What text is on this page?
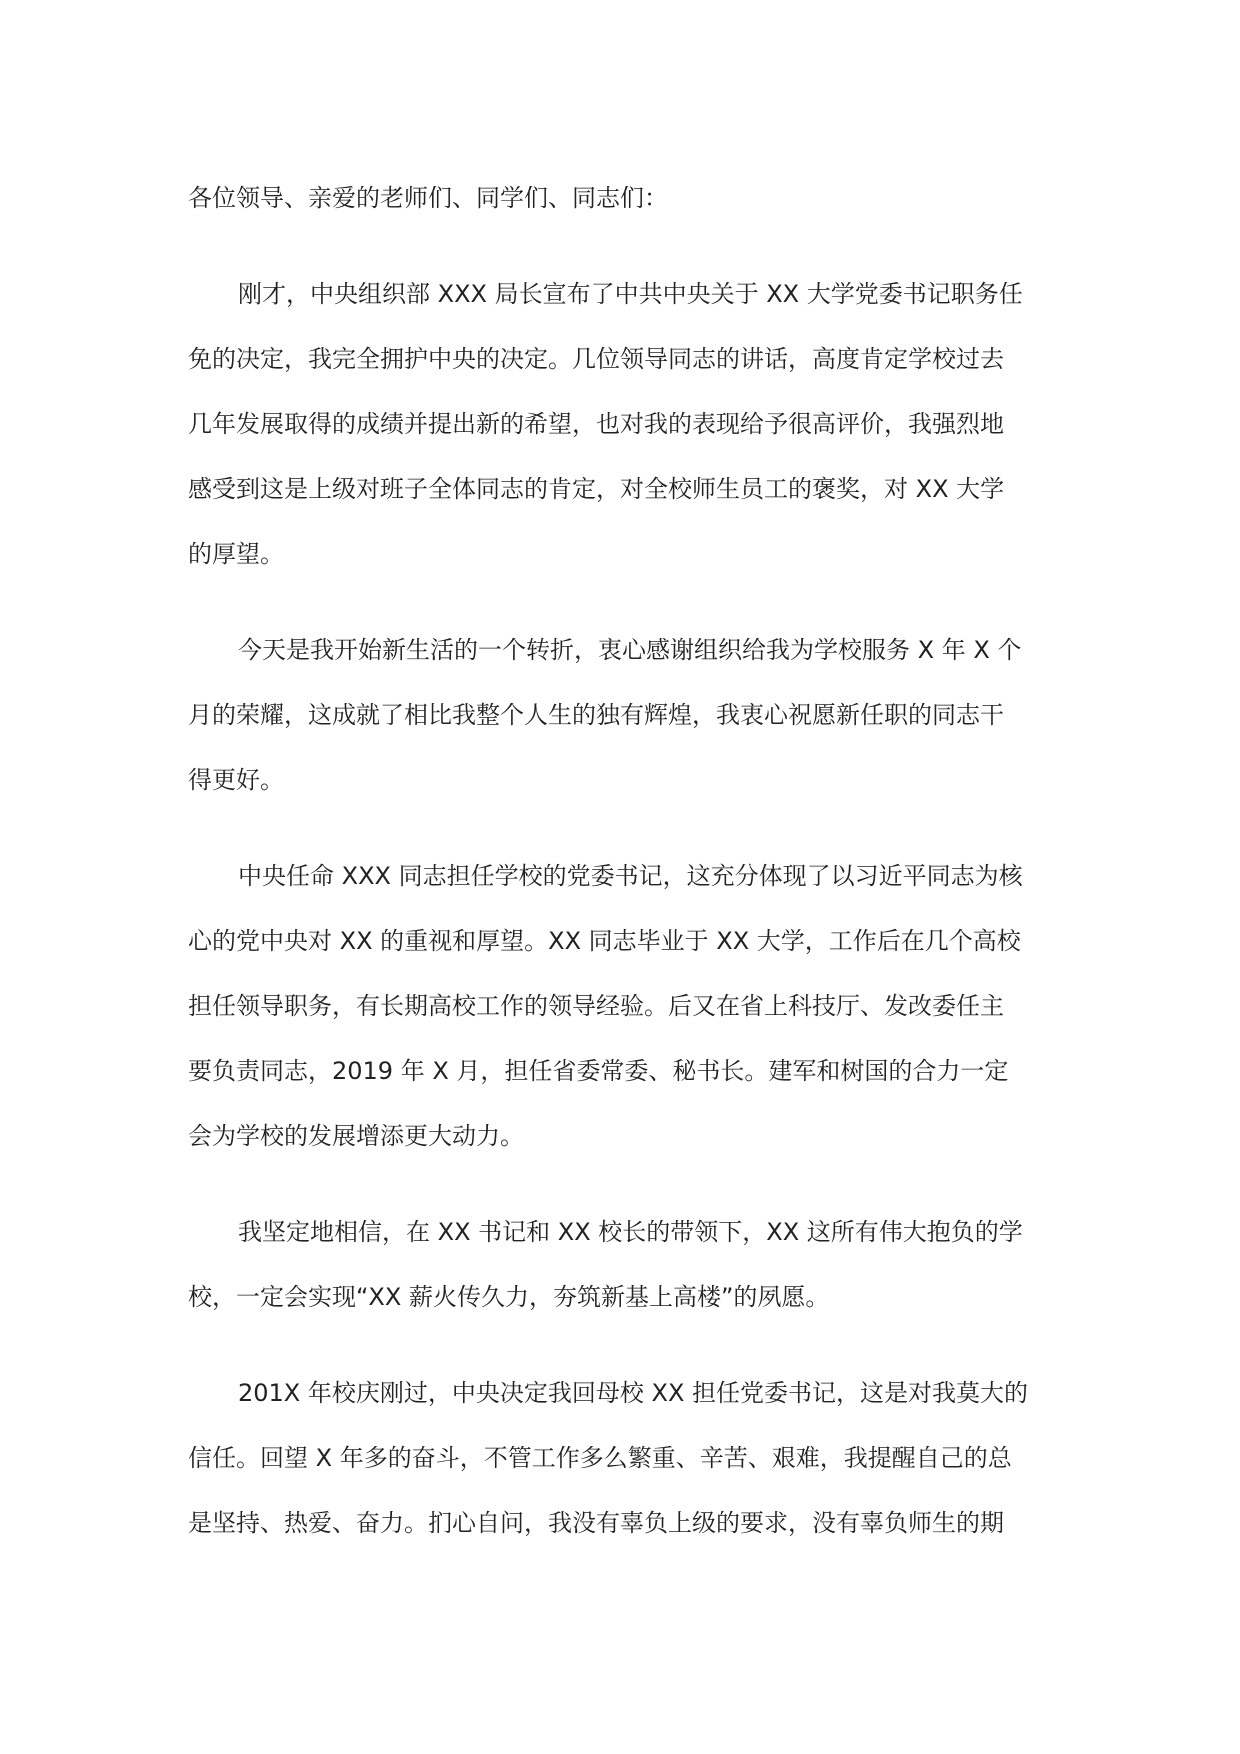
各位领导、亲爱的老师们、同学们、同志们：
刚才，中央组织部 XXX 局长宣布了中共中央关于 XX 大学党委书记职务任
免的决定，我完全拥护中央的决定。几位领导同志的讲话，高度肯定学校过去
几年发展取得的成绩并提出新的希望，也对我的表现给予很高评价，我强烈地
感受到这是上级对班子全体同志的肯定，对全校师生员工的褒奖，对 XX 大学
的厚望。
今天是我开始新生活的一个转折，衷心感谢组织给我为学校服务 X 年 X 个
月的荣耀，这成就了相比我整个人生的独有辉煌，我衷心祝愿新任职的同志干
得更好。
中央任命 XXX 同志担任学校的党委书记，这充分体现了以习近平同志为核
心的党中央对 XX 的重视和厚望。XX 同志毕业于 XX 大学，工作后在几个高校
担任领导职务，有长期高校工作的领导经验。后又在省上科技厅、发改委任主
要负责同志，2019 年 X 月，担任省委常委、秘书长。建军和树国的合力一定
会为学校的发展增添更大动力。
我坚定地相信，在 XX 书记和 XX 校长的带领下，XX 这所有伟大抱负的学
校，一定会实现“XX 薪火传久力，夯筑新基上高楼”的夙愿。
201X 年校庆刚过，中央决定我回母校 XX 担任党委书记，这是对我莫大的
信任。回望 X 年多的奋斗，不管工作多么繁重、辛苦、艰难，我提醒自己的总
是坚持、热爱、奋力。扪心自问，我没有辜负上级的要求，没有辜负师生的期
